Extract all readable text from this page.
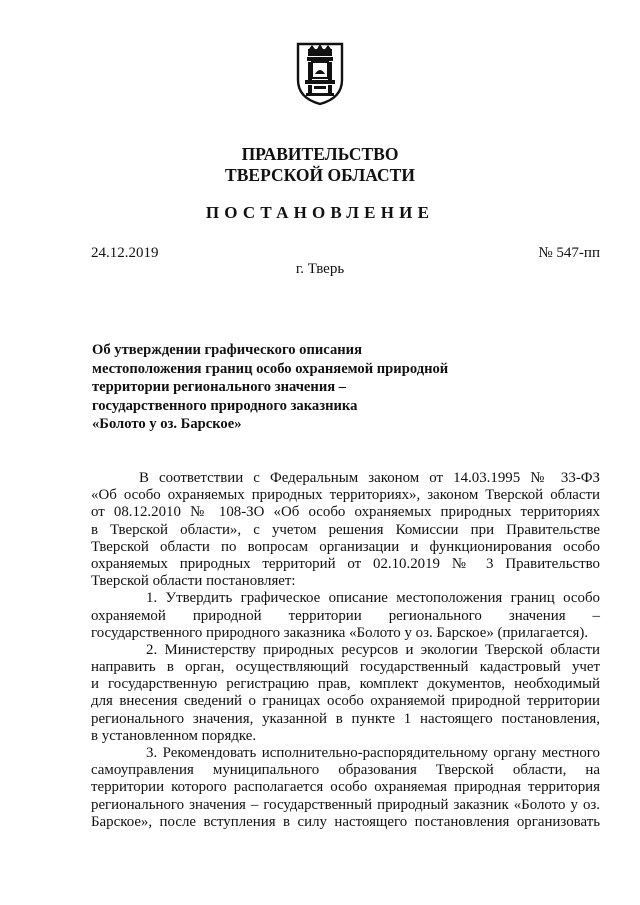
ПРАВИТЕЛЬСТВО
ТВЕРСКОЙ ОБЛАСТИ
ПОСТАНОВЛЕНИЕ
24.12.2019	№ 547-пп
г. Тверь
Об утверждении графического описания
местоположения границ особо охраняемой природной
территории регионального значения –
государственного природного заказника
«Болото у оз. Барское»
В соответствии с Федеральным законом от 14.03.1995 № 33-ФЗ
«Об особо охраняемых природных территориях», законом Тверской области
от 08.12.2010 № 108-ЗО «Об особо охраняемых природных территориях
в Тверской области», с учетом решения Комиссии при Правительстве
Тверской области по вопросам организации и функционирования особо
охраняемых природных территорий от 02.10.2019 № 3 Правительство
Тверской области постановляет:
1. Утвердить графическое описание местоположения границ особо
охраняемой природной территории регионального значения –
государственного природного заказника «Болото у оз. Барское» (прилагается).
2. Министерству природных ресурсов и экологии Тверской области
направить в орган, осуществляющий государственный кадастровый учет
и государственную регистрацию прав, комплект документов, необходимый
для внесения сведений о границах особо охраняемой природной территории
регионального значения, указанной в пункте 1 настоящего постановления,
в установленном порядке.
3. Рекомендовать исполнительно-распорядительному органу местного
самоуправления муниципального образования Тверской области, на
территории которого располагается особо охраняемая природная территория
регионального значения – государственный природный заказник «Болото у оз.
Барское», после вступления в силу настоящего постановления организовать
